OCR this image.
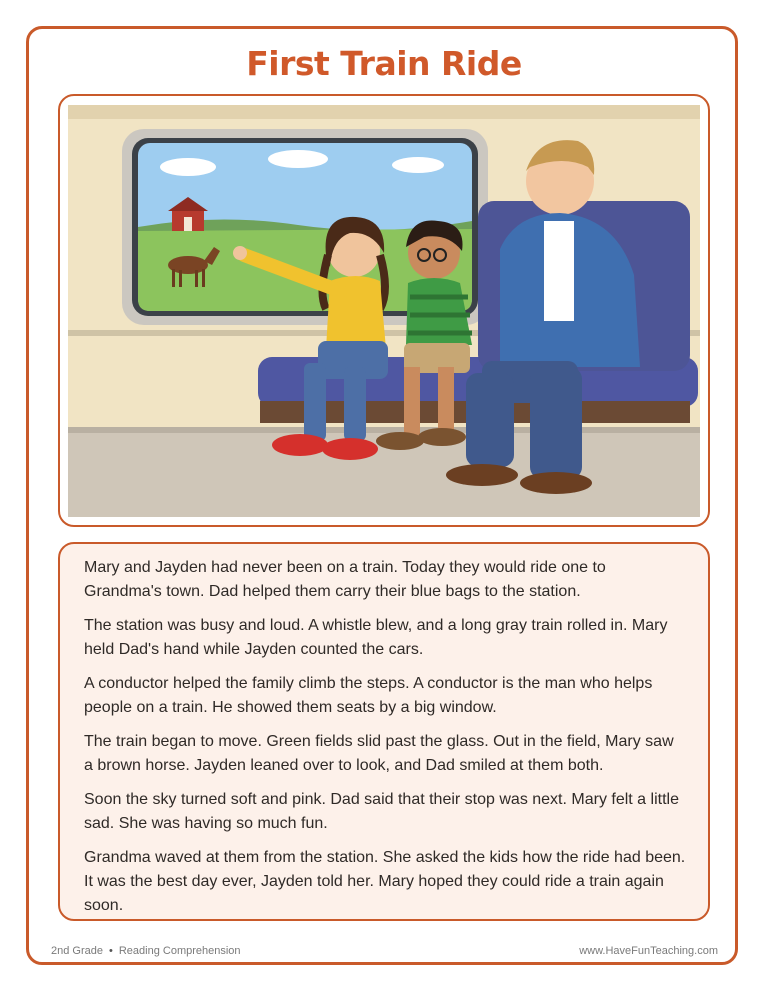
First Train Ride

Mary and Jayden had never been on a train. Today they would ride one to Grandma's town. Dad helped them carry their blue bags to the station.

The station was busy and loud. A whistle blew, and a long gray train rolled in. Mary held Dad's hand while Jayden counted the cars.

A conductor helped the family climb the steps. A conductor is the man who helps people on a train. He showed them seats by a big window.

The train began to move. Green fields slid past the glass. Out in the field, Mary saw a brown horse. Jayden leaned over to look, and Dad smiled at them both.

Soon the sky turned soft and pink. Dad said that their stop was next. Mary felt a little sad. She was having so much fun.

Grandma waved at them from the station. She asked the kids how the ride had been. It was the best day ever, Jayden told her. Mary hoped they could ride a train again soon.

2nd Grade • Reading Comprehension	www.HaveFunTeaching.com
